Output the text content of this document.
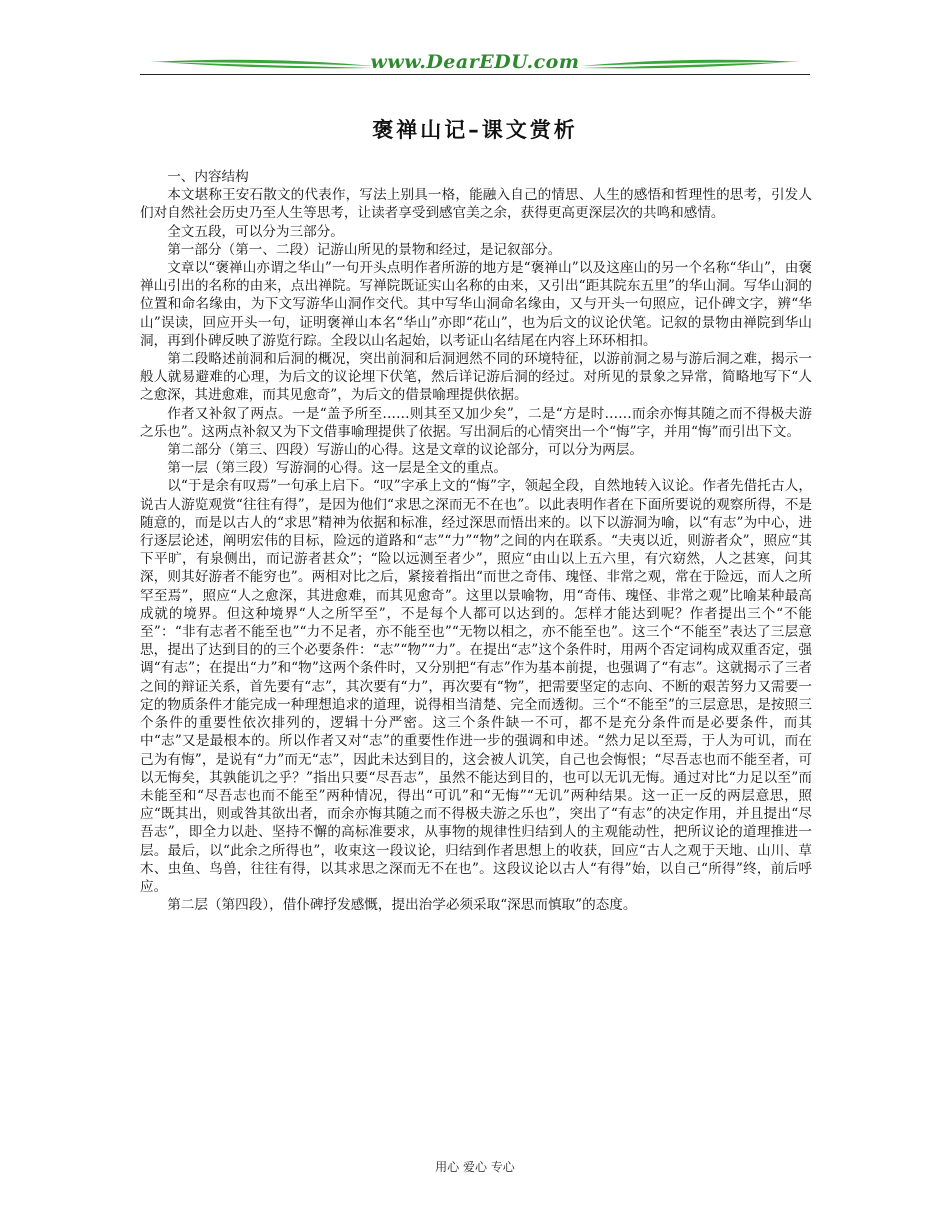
www.DearEDU.com
褒禅山记–课文赏析

一、内容结构

本文堪称王安石散文的代表作，写法上别具一格，能融入自己的情思、人生的感悟和哲理性的思考，引发人们对自然社会历史乃至人生等思考，让读者享受到感官美之余，获得更高更深层次的共鸣和感情。

全文五段，可以分为三部分。

第一部分（第一、二段）记游山所见的景物和经过，是记叙部分。

文章以“褒禅山亦谓之华山”一句开头点明作者所游的地方是“褒禅山”以及这座山的另一个名称“华山”，由褒禅山引出的名称的由来，点出禅院。写禅院既证实山名称的由来，又引出“距其院东五里”的华山洞。写华山洞的位置和命名缘由，为下文写游华山洞作交代。其中写华山洞命名缘由，又与开头一句照应，记仆碑文字，辨“华山”误读，回应开头一句，证明褒禅山本名“华山”亦即“花山”，也为后文的议论伏笔。记叙的景物由禅院到华山洞，再到仆碑反映了游览行踪。全段以山名起始，以考证山名结尾在内容上环环相扣。

第二段略述前洞和后洞的概况，突出前洞和后洞迥然不同的环境特征，以游前洞之易与游后洞之难，揭示一般人就易避难的心理，为后文的议论埋下伏笔，然后详记游后洞的经过。对所见的景象之异常，简略地写下“人之愈深，其进愈难，而其见愈奇”，为后文的借景喻理提供依据。

作者又补叙了两点。一是“盖予所至……则其至又加少矣”，二是“方是时……而余亦悔其随之而不得极夫游之乐也”。这两点补叙又为下文借事喻理提供了依据。写出洞后的心情突出一个“悔”字，并用“悔”而引出下文。

第二部分（第三、四段）写游山的心得。这是文章的议论部分，可以分为两层。

第一层（第三段）写游洞的心得。这一层是全文的重点。

以“于是余有叹焉”一句承上启下。“叹”字承上文的“悔”字，领起全段，自然地转入议论。作者先借托古人，说古人游览观赏“往往有得”，是因为他们“求思之深而无不在也”。以此表明作者在下面所要说的观察所得，不是随意的，而是以古人的“求思”精神为依据和标准，经过深思而悟出来的。以下以游洞为喻，以“有志”为中心，进行逐层论述，阐明宏伟的目标，险远的道路和“志”“力”“物”之间的内在联系。“夫夷以近，则游者众”，照应“其下平旷，有泉侧出，而记游者甚众”；“险以远测至者少”，照应“由山以上五六里，有穴窈然，人之甚寒，问其深，则其好游者不能穷也”。两相对比之后，紧接着指出“而世之奇伟、瑰怪、非常之观，常在于险远，而人之所罕至焉”，照应“人之愈深，其进愈难，而其见愈奇”。这里以景喻物，用“奇伟、瑰怪、非常之观”比喻某种最高成就的境界。但这种境界“人之所罕至”，不是每个人都可以达到的。怎样才能达到呢？作者提出三个“不能至”：“非有志者不能至也”“力不足者，亦不能至也”“无物以相之，亦不能至也”。这三个“不能至”表达了三层意思，提出了达到目的的三个必要条件：“志”“物”“力”。在提出“志”这个条件时，用两个否定词构成双重否定，强调“有志”；在提出“力”和“物”这两个条件时，又分别把“有志”作为基本前提，也强调了“有志”。这就揭示了三者之间的辩证关系，首先要有“志”，其次要有“力”，再次要有“物”，把需要坚定的志向、不断的艰苦努力又需要一定的物质条件才能完成一种理想追求的道理，说得相当清楚、完全而透彻。三个“不能至”的三层意思，是按照三个条件的重要性依次排列的，逻辑十分严密。这三个条件缺一不可，都不是充分条件而是必要条件，而其中“志”又是最根本的。所以作者又对“志”的重要性作进一步的强调和申述。“然力足以至焉，于人为可讥，而在己为有悔”，是说有“力”而无“志”，因此未达到目的，这会被人讥笑，自己也会悔恨；“尽吾志也而不能至者，可以无悔矣，其孰能讥之乎？”指出只要“尽吾志”，虽然不能达到目的，也可以无讥无悔。通过对比“力足以至”而未能至和“尽吾志也而不能至”两种情况，得出“可讥”和“无悔”“无讥”两种结果。这一正一反的两层意思，照应“既其出，则或咎其欲出者，而余亦悔其随之而不得极夫游之乐也”，突出了“有志”的决定作用，并且提出“尽吾志”，即全力以赴、坚持不懈的高标准要求，从事物的规律性归结到人的主观能动性，把所议论的道理推进一层。最后，以“此余之所得也”，收束这一段议论，归结到作者思想上的收获，回应“古人之观于天地、山川、草木、虫鱼、鸟兽，往往有得，以其求思之深而无不在也”。这段议论以古人“有得”始，以自己“所得”终，前后呼应。

第二层（第四段），借仆碑抒发感慨，提出治学必须采取“深思而慎取”的态度。

用心 爱心 专心
